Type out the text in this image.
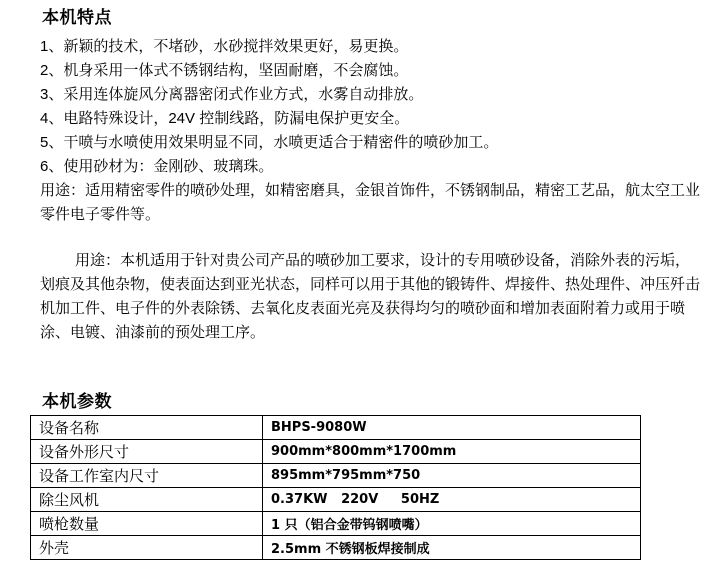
本机特点

1、新颖的技术，不堵砂，水砂搅拌效果更好，易更换。

2、机身采用一体式不锈钢结构，坚固耐磨，不会腐蚀。

3、采用连体旋风分离器密闭式作业方式，水雾自动排放。

4、电路特殊设计，24V 控制线路，防漏电保护更安全。

5、干喷与水喷使用效果明显不同，水喷更适合于精密件的喷砂加工。

6、使用砂材为：金刚砂、玻璃珠。

用途：适用精密零件的喷砂处理，如精密磨具，金银首饰件，不锈钢制品，精密工艺品，航太空工业零件电子零件等。

用途：本机适用于针对贵公司产品的喷砂加工要求，设计的专用喷砂设备，消除外表的污垢，划痕及其他杂物，使表面达到亚光状态，同样可以用于其他的锻铸件、焊接件、热处理件、冲压歼击机加工件、电子件的外表除锈、去氧化皮表面光亮及获得均匀的喷砂面和增加表面附着力或用于喷涂、电镀、油漆前的预处理工序。

本机参数
设备名称	BHPS-9080W
设备外形尺寸	900mm*800mm*1700mm
设备工作室内尺寸	895mm*795mm*750
除尘风机	0.37KW   220V     50HZ
喷枪数量	1 只（铝合金带钨钢喷嘴）
外壳	2.5mm 不锈钢板焊接制成
